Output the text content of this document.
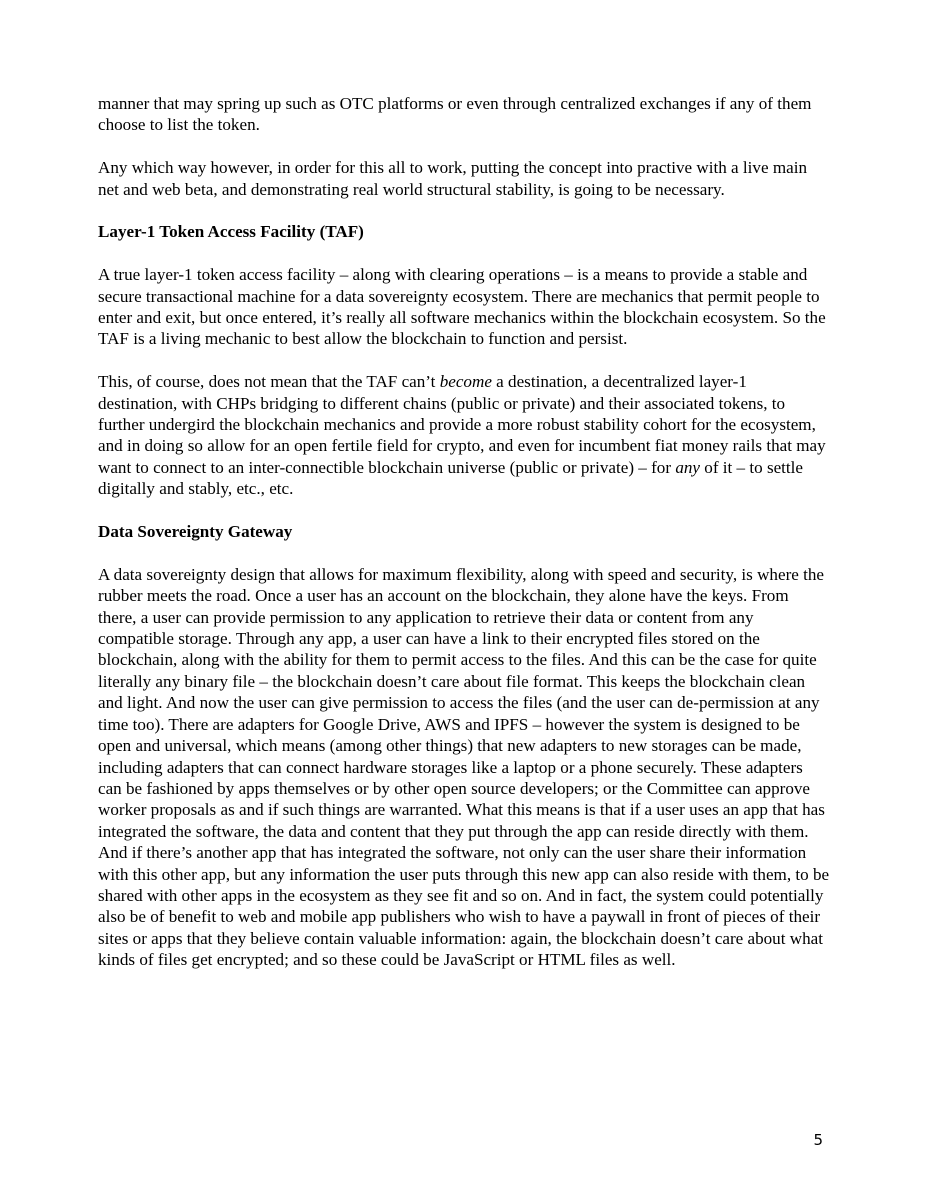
manner that may spring up such as OTC platforms or even through centralized exchanges if any of them choose to list the token.

Any which way however, in order for this all to work, putting the concept into practive with a live main net and web beta, and demonstrating real world structural stability, is going to be necessary.

Layer-1 Token Access Facility (TAF)

A true layer-1 token access facility – along with clearing operations – is a means to provide a stable and secure transactional machine for a data sovereignty ecosystem. There are mechanics that permit people to enter and exit, but once entered, it’s really all software mechanics within the blockchain ecosystem. So the TAF is a living mechanic to best allow the blockchain to function and persist.

This, of course, does not mean that the TAF can’t become a destination, a decentralized layer-1 destination, with CHPs bridging to different chains (public or private) and their associated tokens, to further undergird the blockchain mechanics and provide a more robust stability cohort for the ecosystem, and in doing so allow for an open fertile field for crypto, and even for incumbent fiat money rails that may want to connect to an inter-connectible blockchain universe (public or private) – for any of it – to settle digitally and stably, etc., etc.

Data Sovereignty Gateway

A data sovereignty design that allows for maximum flexibility, along with speed and security, is where the rubber meets the road. Once a user has an account on the blockchain, they alone have the keys. From there, a user can provide permission to any application to retrieve their data or content from any compatible storage. Through any app, a user can have a link to their encrypted files stored on the blockchain, along with the ability for them to permit access to the files. And this can be the case for quite literally any binary file – the blockchain doesn’t care about file format. This keeps the blockchain clean and light. And now the user can give permission to access the files (and the user can de-permission at any time too). There are adapters for Google Drive, AWS and IPFS – however the system is designed to be open and universal, which means (among other things) that new adapters to new storages can be made, including adapters that can connect hardware storages like a laptop or a phone securely. These adapters can be fashioned by apps themselves or by other open source developers; or the Committee can approve worker proposals as and if such things are warranted. What this means is that if a user uses an app that has integrated the software, the data and content that they put through the app can reside directly with them. And if there’s another app that has integrated the software, not only can the user share their information with this other app, but any information the user puts through this new app can also reside with them, to be shared with other apps in the ecosystem as they see fit and so on. And in fact, the system could potentially also be of benefit to web and mobile app publishers who wish to have a paywall in front of pieces of their sites or apps that they believe contain valuable information: again, the blockchain doesn’t care about what kinds of files get encrypted; and so these could be JavaScript or HTML files as well.

5
